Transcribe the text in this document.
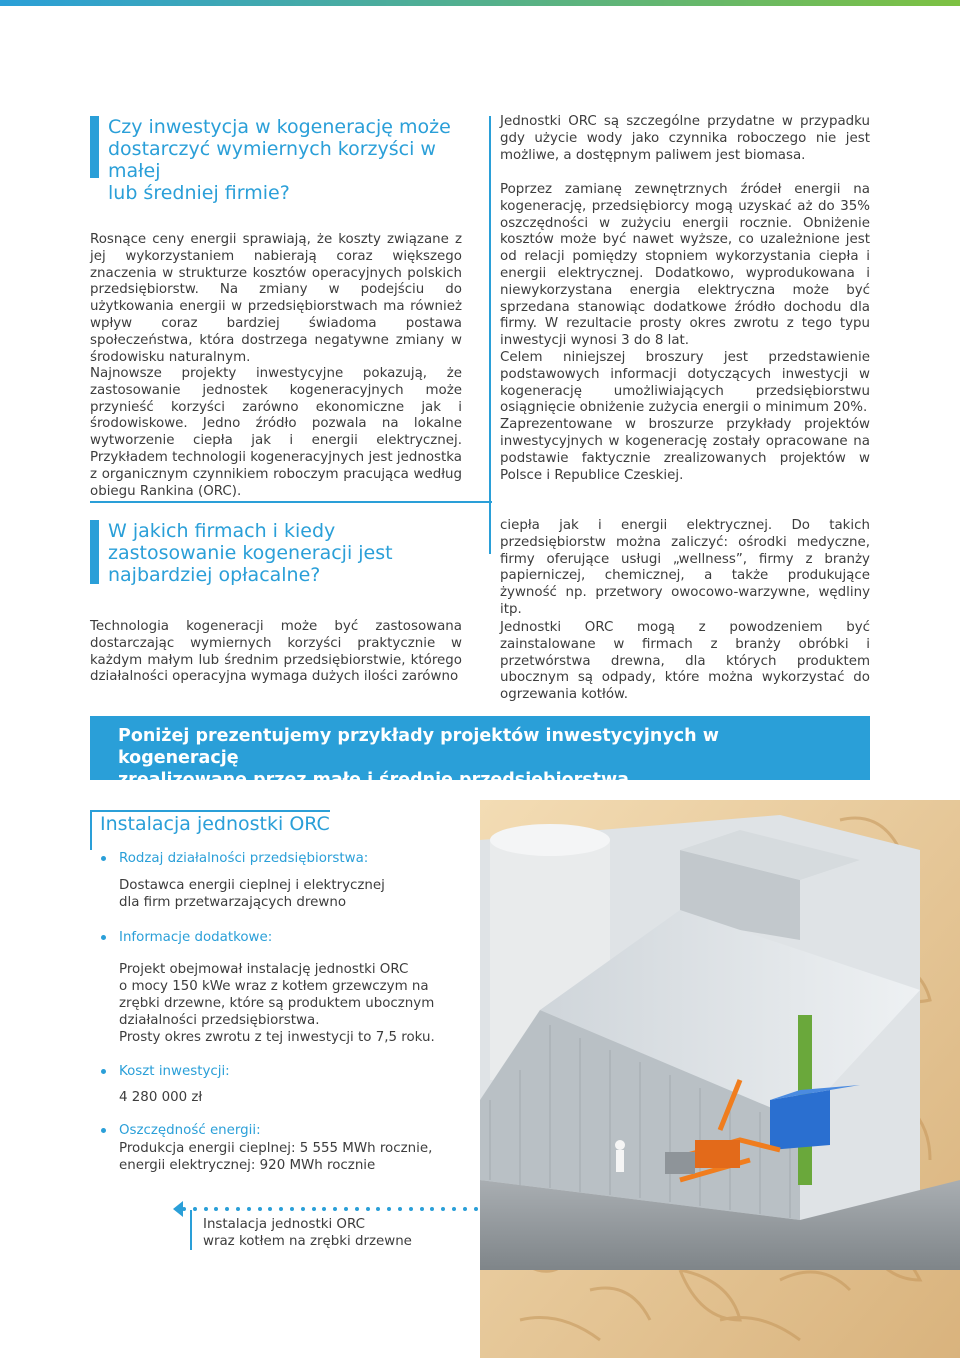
Czy inwestycja w kogenerację może
dostarczyć wymiernych korzyści w małej
lub średniej firmie?
Rosnące ceny energii sprawiają, że koszty związane z jej wykorzystaniem nabierają coraz większego znaczenia w strukturze kosztów operacyjnych polskich przedsiębiorstw. Na zmiany w podejściu do użytkowania energii w przedsiębiorstwach ma również wpływ coraz bardziej świadoma postawa społeczeństwa, która dostrzega negatywne zmiany w środowisku naturalnym.
Najnowsze projekty inwestycyjne pokazują, że zastosowanie jednostek kogeneracyjnych może przynieść korzyści zarówno ekonomiczne jak i środowiskowe. Jedno źródło pozwala na lokalne wytworzenie ciepła jak i energii elektrycznej. Przykładem technologii kogeneracyjnych jest jednostka z organicznym czynnikiem roboczym pracująca według obiegu Rankina (ORC).
Jednostki ORC są szczególne przydatne w przypadku gdy użycie wody jako czynnika roboczego nie jest możliwe, a dostępnym paliwem jest biomasa.
Poprzez zamianę zewnętrznych źródeł energii na kogenerację, przedsiębiorcy mogą uzyskać aż do 35% oszczędności w zużyciu energii rocznie. Obniżenie kosztów może być nawet wyższe, co uzależnione jest od relacji pomiędzy stopniem wykorzystania ciepła i energii elektrycznej. Dodatkowo, wyprodukowana i niewykorzystana energia elektryczna może być sprzedana stanowiąc dodatkowe źródło dochodu dla firmy. W rezultacie prosty okres zwrotu z tego typu inwestycji wynosi 3 do 8 lat.
Celem niniejszej broszury jest przedstawienie podstawowych informacji dotyczących inwestycji w kogenerację umożliwiających przedsiębiorstwu osiągnięcie obniżenie zużycia energii o minimum 20%.
Zaprezentowane w broszurze przykłady projektów inwestycyjnych w kogenerację zostały opracowane na podstawie faktycznie zrealizowanych projektów w Polsce i Republice Czeskiej.
W jakich firmach i kiedy
zastosowanie kogeneracji jest
najbardziej opłacalne?
Technologia kogeneracji może być zastosowana dostarczając wymiernych korzyści praktycznie w każdym małym lub średnim przedsiębiorstwie, którego działalności operacyjna wymaga dużych ilości zarówno
ciepła jak i energii elektrycznej. Do takich przedsiębiorstw można zaliczyć: ośrodki medyczne, firmy oferujące usługi „wellness”, firmy z branży papierniczej, chemicznej, a także produkujące żywność np. przetwory owocowo-warzywne, wędliny itp.
Jednostki ORC mogą z powodzeniem być zainstalowane w firmach z branży obróbki i przetwórstwa drewna, dla których produktem ubocznym są odpady, które można wykorzystać do ogrzewania kotłów.
Poniżej prezentujemy przykłady projektów inwestycyjnych w kogenerację
zrealizowane przez małe i średnie przedsiębiorstwa
Instalacja jednostki ORC
Rodzaj działalności przedsiębiorstwa:
Dostawca energii cieplnej i elektrycznej
dla firm przetwarzających drewno
Informacje dodatkowe:
Projekt obejmował instalację jednostki ORC
o mocy 150 kWe wraz z kotłem grzewczym na
zrębki drzewne, które są produktem ubocznym
działalności przedsiębiorstwa.
Prosty okres zwrotu z tej inwestycji to 7,5 roku.
Koszt inwestycji:
4 280 000 zł
Oszczędność energii:
Produkcja energii cieplnej: 5 555 MWh rocznie,
energii elektrycznej: 920 MWh rocznie
Instalacja jednostki ORC
wraz kotłem na zrębki drzewne
